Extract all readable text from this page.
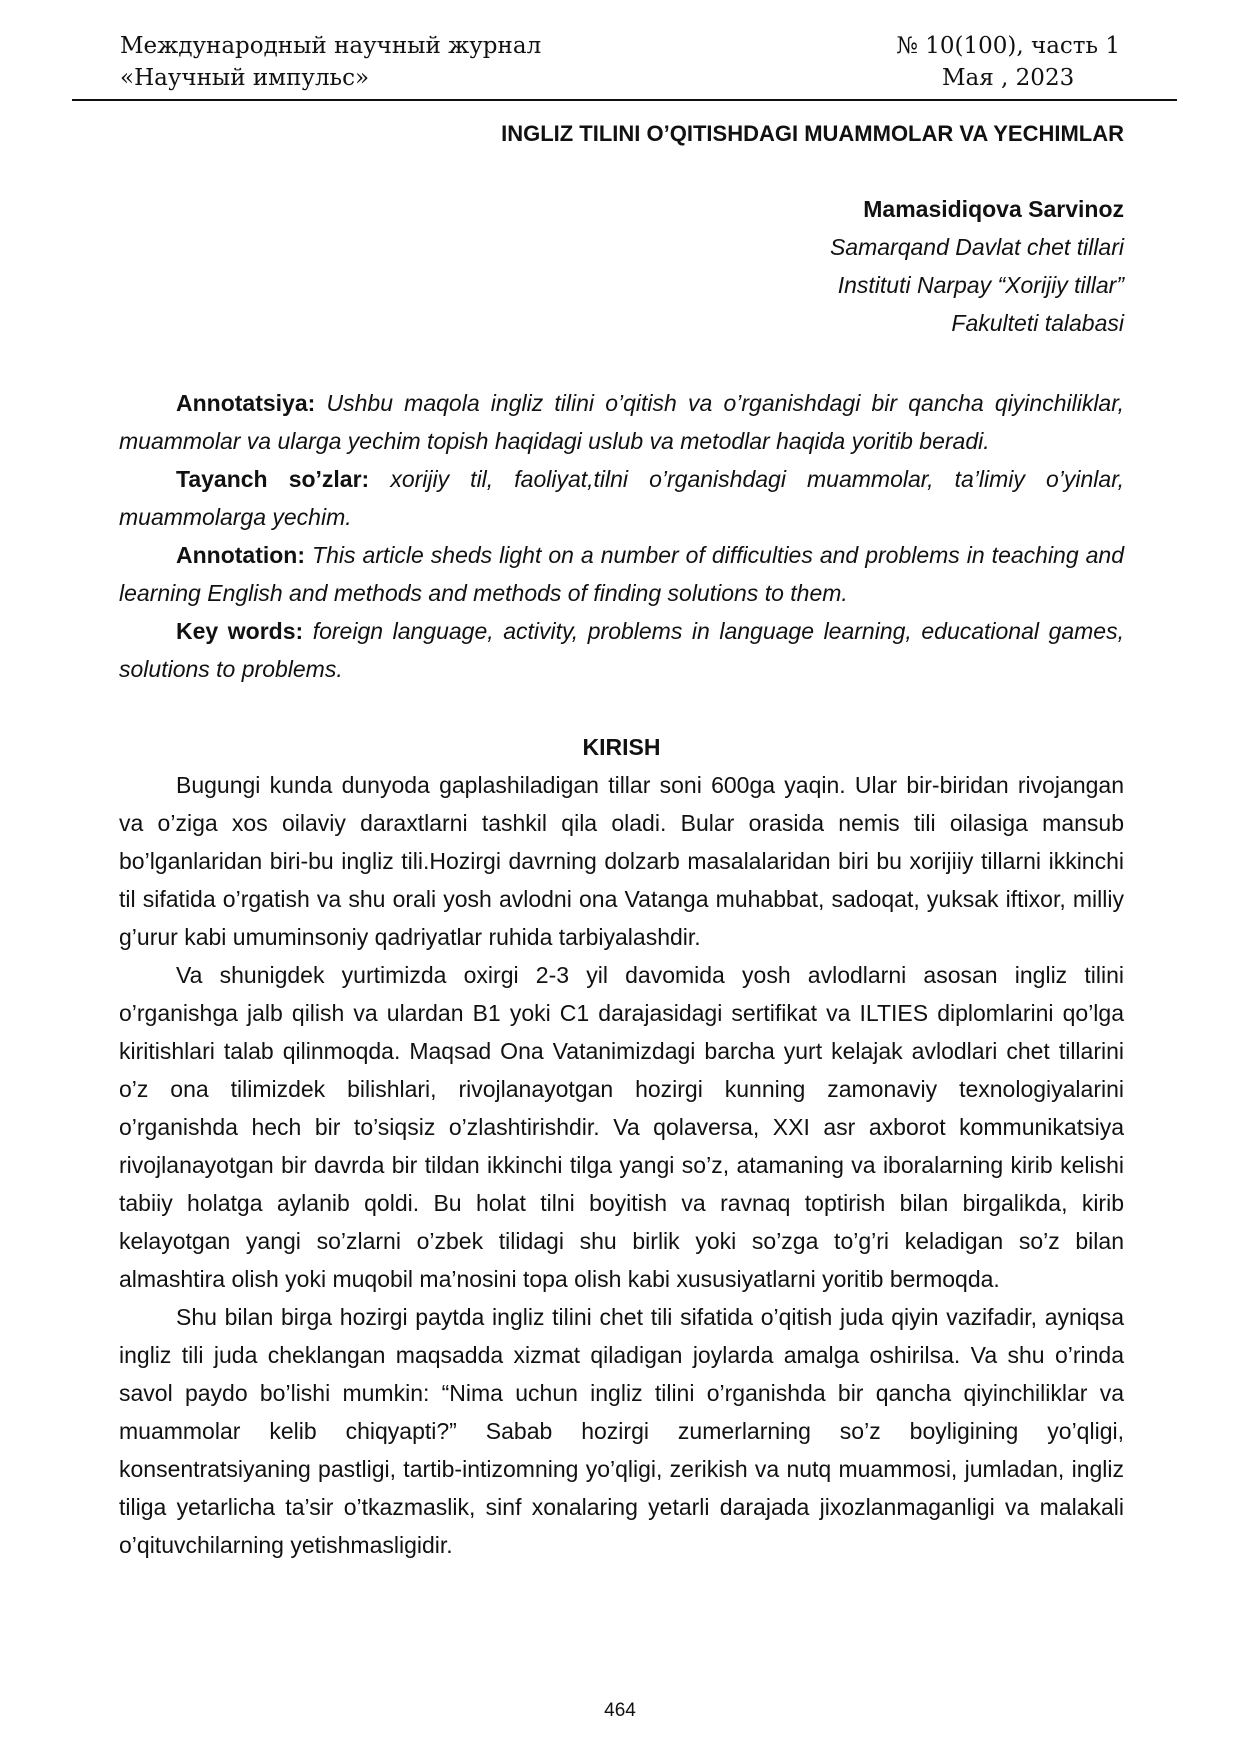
Международный научный журнал
«Научный импульс»
№ 10(100), часть 1
Мая , 2023
INGLIZ TILINI O’QITISHDAGI MUAMMOLAR VA YECHIMLAR
Mamasidiqova Sarvinoz
Samarqand Davlat chet tillari
Instituti Narpay “Xorijiy tillar”
Fakulteti talabasi

Annotatsiya: Ushbu maqola ingliz tilini o’qitish va o’rganishdagi bir qancha qiyinchiliklar, muammolar va ularga yechim topish haqidagi uslub va metodlar haqida yoritib beradi.

Tayanch so’zlar: xorijiy til, faoliyat,tilni o’rganishdagi muammolar, ta’limiy o’yinlar, muammolarga yechim.

Annotation: This article sheds light on a number of difficulties and problems in teaching and learning English and methods and methods of finding solutions to them.

Key words: foreign language, activity, problems in language learning, educational games, solutions to problems.

KIRISH

Bugungi kunda dunyoda gaplashiladigan tillar soni 600ga yaqin. Ular bir-biridan rivojangan va o’ziga xos oilaviy daraxtlarni tashkil qila oladi. Bular orasida nemis tili oilasiga mansub bo’lganlaridan biri-bu ingliz tili.Hozirgi davrning dolzarb masalalaridan biri bu xorijiiy tillarni ikkinchi til sifatida o’rgatish va shu orali yosh avlodni ona Vatanga muhabbat, sadoqat, yuksak iftixor, milliy g’urur kabi umuminsoniy qadriyatlar ruhida tarbiyalashdir.

Va shunigdek yurtimizda oxirgi 2-3 yil davomida yosh avlodlarni asosan ingliz tilini o’rganishga jalb qilish va ulardan B1 yoki C1 darajasidagi sertifikat va ILTIES diplomlarini qo’lga kiritishlari talab qilinmoqda. Maqsad Ona Vatanimizdagi barcha yurt kelajak avlodlari chet tillarini o’z ona tilimizdek bilishlari, rivojlanayotgan hozirgi kunning zamonaviy texnologiyalarini o’rganishda hech bir to’siqsiz o’zlashtirishdir. Va qolaversa, XXI asr axborot kommunikatsiya rivojlanayotgan bir davrda bir tildan ikkinchi tilga yangi so’z, atamaning va iboralarning kirib kelishi tabiiy holatga aylanib qoldi. Bu holat tilni boyitish va ravnaq toptirish bilan birgalikda, kirib kelayotgan yangi so’zlarni o’zbek tilidagi shu birlik yoki so’zga to’g’ri keladigan so’z bilan almashtira olish yoki muqobil ma’nosini topa olish kabi xususiyatlarni yoritib bermoqda.

Shu bilan birga hozirgi paytda ingliz tilini chet tili sifatida o’qitish juda qiyin vazifadir, ayniqsa ingliz tili juda cheklangan maqsadda xizmat qiladigan joylarda amalga oshirilsa. Va shu o’rinda savol paydo bo’lishi mumkin: “Nima uchun ingliz tilini o’rganishda bir qancha qiyinchiliklar va muammolar kelib chiqyapti?” Sabab hozirgi zumerlarning so’z boyligining yo’qligi, konsentratsiyaning pastligi, tartib-intizomning yo’qligi, zerikish va nutq muammosi, jumladan, ingliz tiliga yetarlicha ta’sir o’tkazmaslik, sinf xonalaring yetarli darajada jixozlanmaganligi va malakali o’qituvchilarning yetishmasligidir.

464
